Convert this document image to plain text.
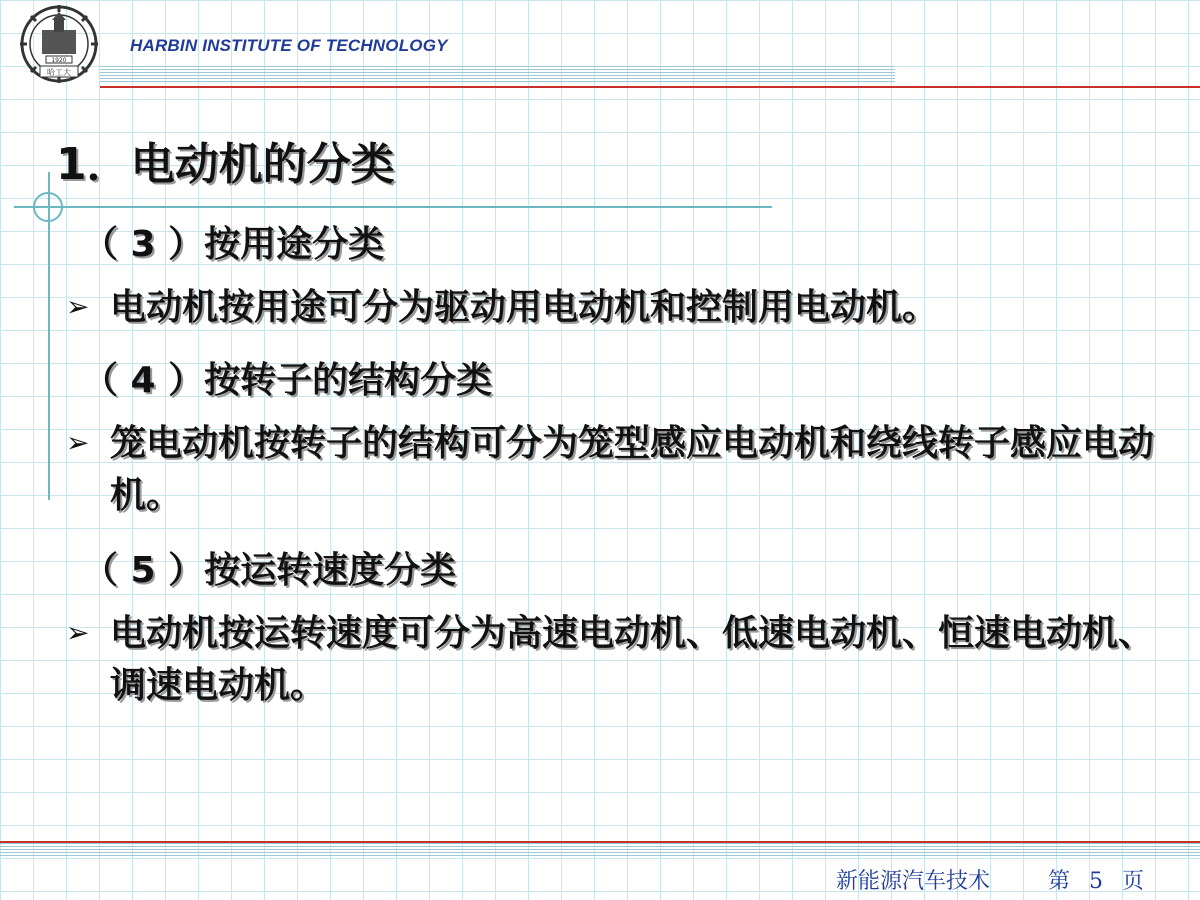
1920
哈工大
HARBIN INSTITUTE OF TECHNOLOGY
1．电动机的分类
（ 3 ）按用途分类
➢ 电动机按用途可分为驱动用电动机和控制用电动机。
（ 4 ）按转子的结构分类
➢ 笼电动机按转子的结构可分为笼型感应电动机和绕线转子感应电动机。
（ 5 ）按运转速度分类
➢ 电动机按运转速度可分为高速电动机、低速电动机、恒速电动机、调速电动机。
新能源汽车技术	第 5 页
